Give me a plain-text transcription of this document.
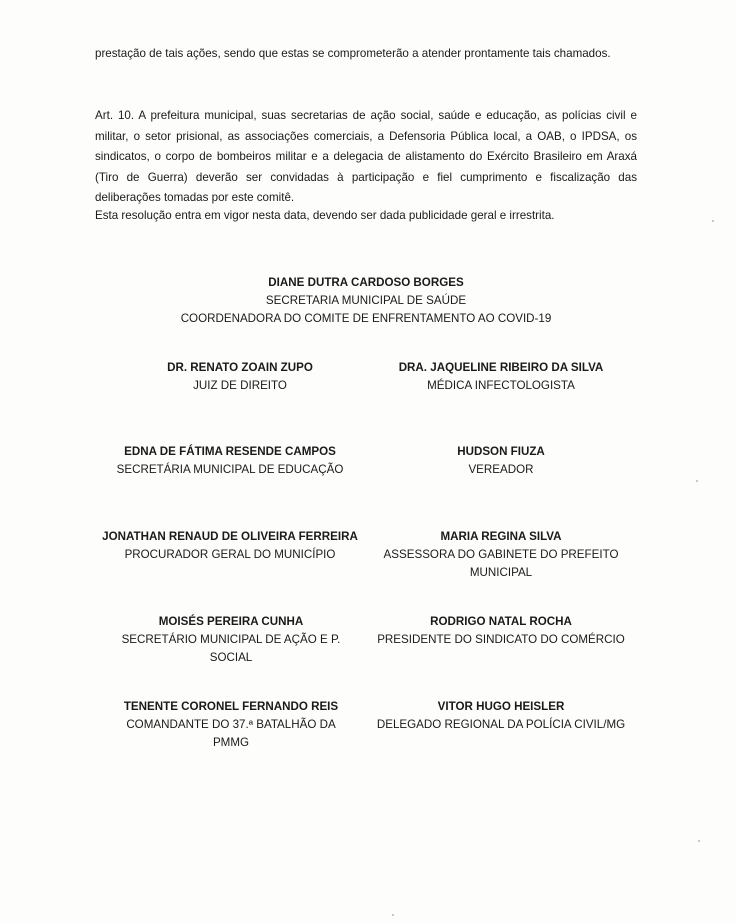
prestação de tais ações, sendo que estas se comprometerão a atender prontamente tais chamados.

Art. 10. A prefeitura municipal, suas secretarias de ação social, saúde e educação, as polícias civil e militar, o setor prisional, as associações comerciais, a Defensoria Pública local, a OAB, o IPDSA, os sindicatos, o corpo de bombeiros militar e a delegacia de alistamento do Exército Brasileiro em Araxá (Tiro de Guerra) deverão ser convidadas à participação e fiel cumprimento e fiscalização das deliberações tomadas por este comitê.

Esta resolução entra em vigor nesta data, devendo ser dada publicidade geral e irrestrita.

DIANE DUTRA CARDOSO BORGES
SECRETARIA MUNICIPAL DE SAÚDE
COORDENADORA DO COMITE DE ENFRENTAMENTO AO COVID-19
DR. RENATO ZOAIN ZUPO
JUIZ DE DIREITO
DRA. JAQUELINE RIBEIRO DA SILVA
MÉDICA INFECTOLOGISTA
EDNA DE FÁTIMA RESENDE CAMPOS
SECRETÁRIA MUNICIPAL DE EDUCAÇÃO
HUDSON FIUZA
VEREADOR
JONATHAN RENAUD DE OLIVEIRA FERREIRA
PROCURADOR GERAL DO MUNICÍPIO
MARIA REGINA SILVA
ASSESSORA DO GABINETE DO PREFEITO MUNICIPAL
MOISÉS PEREIRA CUNHA
SECRETÁRIO MUNICIPAL DE AÇÃO E P. SOCIAL
RODRIGO NATAL ROCHA
PRESIDENTE DO SINDICATO DO COMÉRCIO
TENENTE CORONEL FERNANDO REIS
COMANDANTE DO 37.ª BATALHÃO DA PMMG
VITOR HUGO HEISLER
DELEGADO REGIONAL DA POLÍCIA CIVIL/MG
